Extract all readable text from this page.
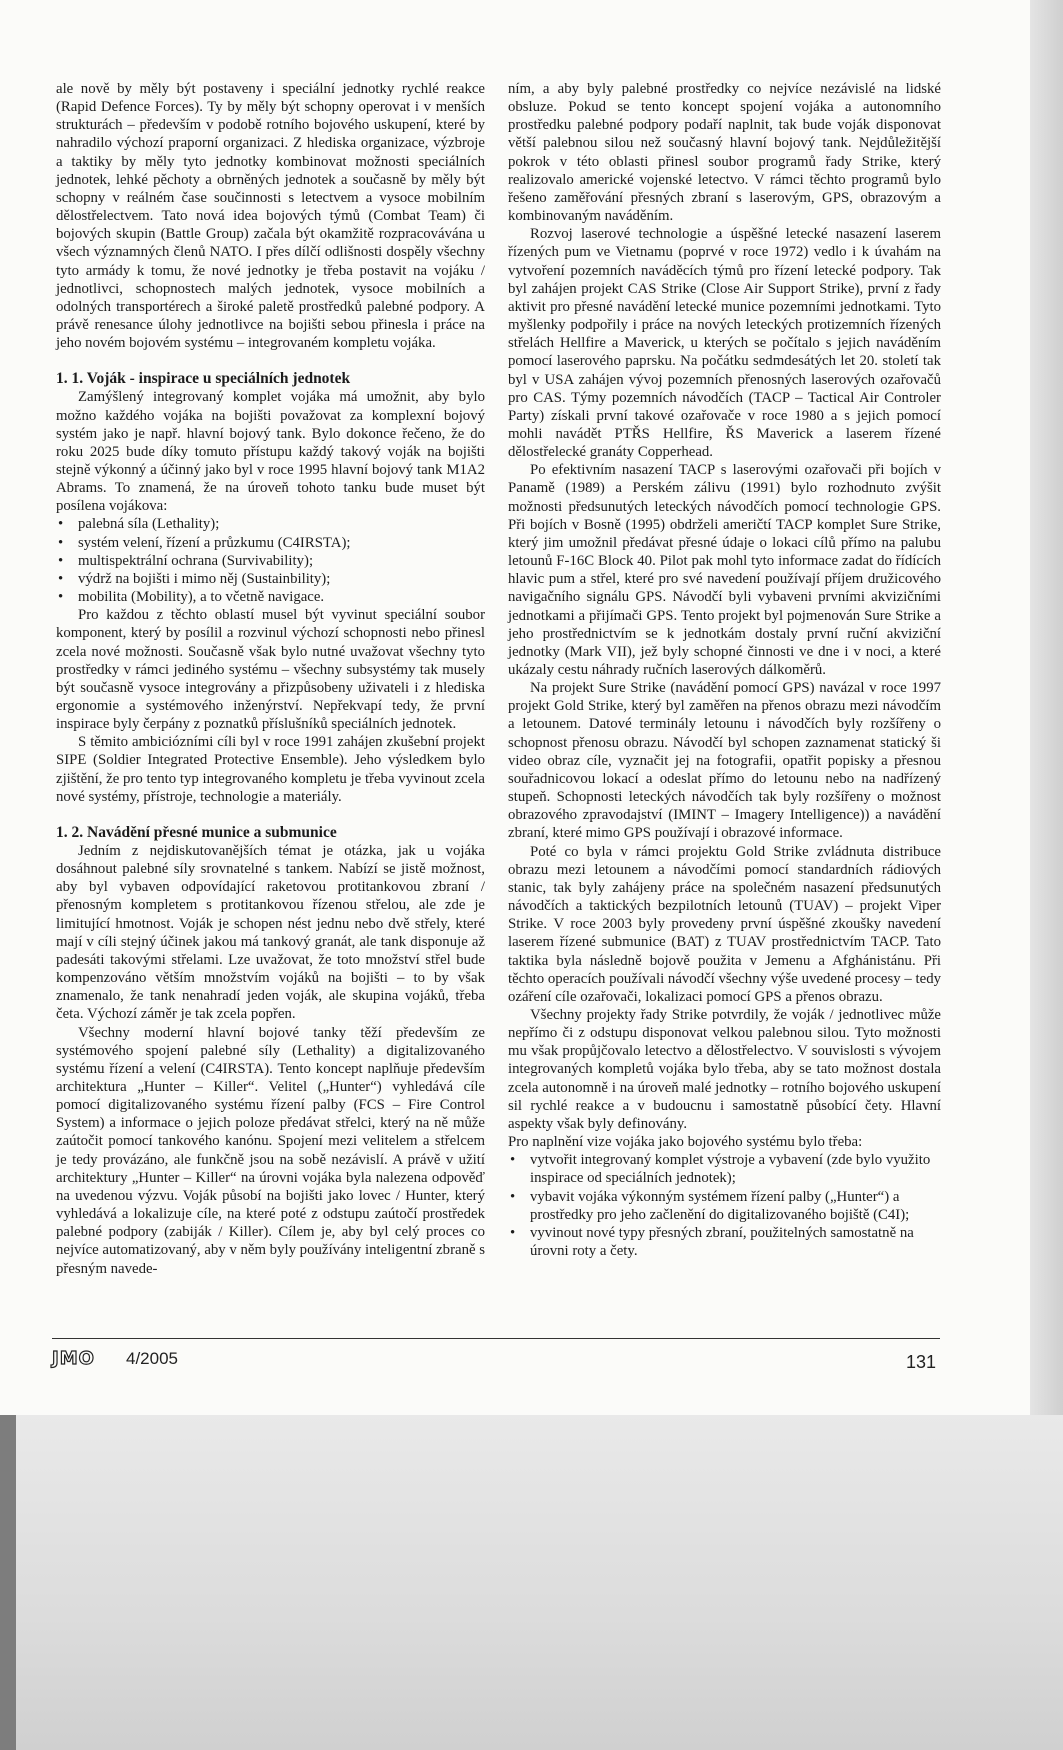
ale nově by měly být postaveny i speciální jednotky rychlé reakce (Rapid Defence Forces). Ty by měly být schopny operovat i v menších strukturách – především v podobě rotního bojového uskupení, které by nahradilo výchozí praporní organizaci. Z hlediska organizace, výzbroje a taktiky by měly tyto jednotky kombinovat možnosti speciálních jednotek, lehké pěchoty a obrněných jednotek a současně by měly být schopny v reálném čase součinnosti s letectvem a vysoce mobilním dělostřelectvem. Tato nová idea bojových týmů (Combat Team) či bojových skupin (Battle Group) začala být okamžitě rozpracovávána u všech významných členů NATO. I přes dílčí odlišnosti dospěly všechny tyto armády k tomu, že nové jednotky je třeba postavit na vojáku / jednotlivci, schopnostech malých jednotek, vysoce mobilních a odolných transportérech a široké paletě prostředků palebné podpory. A právě renesance úlohy jednotlivce na bojišti sebou přinesla i práce na jeho novém bojovém systému – integrovaném kompletu vojáka.

1. 1. Voják - inspirace u speciálních jednotek

Zamýšlený integrovaný komplet vojáka má umožnit, aby bylo možno každého vojáka na bojišti považovat za komplexní bojový systém jako je např. hlavní bojový tank. Bylo dokonce řečeno, že do roku 2025 bude díky tomuto přístupu každý takový voják na bojišti stejně výkonný a účinný jako byl v roce 1995 hlavní bojový tank M1A2 Abrams. To znamená, že na úroveň tohoto tanku bude muset být posílena vojákova:

• palebná síla (Lethality);
• systém velení, řízení a průzkumu (C4IRSTA);
• multispektrální ochrana (Survivability);
• výdrž na bojišti i mimo něj (Sustainbility);
• mobilita (Mobility), a to včetně navigace.

Pro každou z těchto oblastí musel být vyvinut speciální soubor komponent, který by posílil a rozvinul výchozí schopnosti nebo přinesl zcela nové možnosti. Současně však bylo nutné uvažovat všechny tyto prostředky v rámci jediného systému – všechny subsystémy tak musely být současně vysoce integrovány a přizpůsobeny uživateli i z hlediska ergonomie a systémového inženýrství. Nepřekvapí tedy, že první inspirace byly čerpány z poznatků příslušníků speciálních jednotek.

S těmito ambiciózními cíli byl v roce 1991 zahájen zkušební projekt SIPE (Soldier Integrated Protective Ensemble). Jeho výsledkem bylo zjištění, že pro tento typ integrovaného kompletu je třeba vyvinout zcela nové systémy, přístroje, technologie a materiály.

1. 2. Navádění přesné munice a submunice

Jedním z nejdiskutovanějších témat je otázka, jak u vojáka dosáhnout palebné síly srovnatelné s tankem. Nabízí se jistě možnost, aby byl vybaven odpovídající raketovou protitankovou zbraní / přenosným kompletem s protitankovou řízenou střelou, ale zde je limitující hmotnost. Voják je schopen nést jednu nebo dvě střely, které mají v cíli stejný účinek jakou má tankový granát, ale tank disponuje až padesáti takovými střelami. Lze uvažovat, že toto množství střel bude kompenzováno větším množstvím vojáků na bojišti – to by však znamenalo, že tank nenahradí jeden voják, ale skupina vojáků, třeba četa. Výchozí záměr je tak zcela popřen.

Všechny moderní hlavní bojové tanky těží především ze systémového spojení palebné síly (Lethality) a digitalizovaného systému řízení a velení (C4IRSTA). Tento koncept naplňuje především architektura „Hunter – Killer“. Velitel („Hunter“) vyhledává cíle pomocí digitalizovaného systému řízení palby (FCS – Fire Control System) a informace o jejich poloze předávat střelci, který na ně může zaútočit pomocí tankového kanónu. Spojení mezi velitelem a střelcem je tedy provázáno, ale funkčně jsou na sobě nezávislí. A právě v užití architektury „Hunter – Killer“ na úrovni vojáka byla nalezena odpověď na uvedenou výzvu. Voják působí na bojišti jako lovec / Hunter, který vyhledává a lokalizuje cíle, na které poté z odstupu zaútočí prostředek palebné podpory (zabiják / Killer). Cílem je, aby byl celý proces co nejvíce automatizovaný, aby v něm byly používány inteligentní zbraně s přesným navede-

ním, a aby byly palebné prostředky co nejvíce nezávislé na lidské obsluze. Pokud se tento koncept spojení vojáka a autonomního prostředku palebné podpory podaří naplnit, tak bude voják disponovat větší palebnou silou než současný hlavní bojový tank. Nejdůležitější pokrok v této oblasti přinesl soubor programů řady Strike, který realizovalo americké vojenské letectvo. V rámci těchto programů bylo řešeno zaměřování přesných zbraní s laserovým, GPS, obrazovým a kombinovaným naváděním.

Rozvoj laserové technologie a úspěšné letecké nasazení laserem řízených pum ve Vietnamu (poprvé v roce 1972) vedlo i k úvahám na vytvoření pozemních naváděcích týmů pro řízení letecké podpory. Tak byl zahájen projekt CAS Strike (Close Air Support Strike), první z řady aktivit pro přesné navádění letecké munice pozemními jednotkami. Tyto myšlenky podpořily i práce na nových leteckých protizemních řízených střelách Hellfire a Maverick, u kterých se počítalo s jejich naváděním pomocí laserového paprsku. Na počátku sedmdesátých let 20. století tak byl v USA zahájen vývoj pozemních přenosných laserových ozařovačů pro CAS. Týmy pozemních návodčích (TACP – Tactical Air Controler Party) získali první takové ozařovače v roce 1980 a s jejich pomocí mohli navádět PTŘS Hellfire, ŘS Maverick a laserem řízené dělostřelecké granáty Copperhead.

Po efektivním nasazení TACP s laserovými ozařovači při bojích v Panamě (1989) a Perském zálivu (1991) bylo rozhodnuto zvýšit možnosti předsunutých leteckých návodčích pomocí technologie GPS. Při bojích v Bosně (1995) obdrželi američtí TACP komplet Sure Strike, který jim umožnil předávat přesné údaje o lokaci cílů přímo na palubu letounů F-16C Block 40. Pilot pak mohl tyto informace zadat do řídících hlavic pum a střel, které pro své navedení používají příjem družicového navigačního signálu GPS. Návodčí byli vybaveni prvními akvizičními jednotkami a přijímači GPS. Tento projekt byl pojmenován Sure Strike a jeho prostřednictvím se k jednotkám dostaly první ruční akviziční jednotky (Mark VII), jež byly schopné činnosti ve dne i v noci, a které ukázaly cestu náhrady ručních laserových dálkoměrů.

Na projekt Sure Strike (navádění pomocí GPS) navázal v roce 1997 projekt Gold Strike, který byl zaměřen na přenos obrazu mezi návodčím a letounem. Datové terminály letounu i návodčích byly rozšířeny o schopnost přenosu obrazu. Návodčí byl schopen zaznamenat statický ši video obraz cíle, vyznačit jej na fotografii, opatřit popisky a přesnou souřadnicovou lokací a odeslat přímo do letounu nebo na nadřízený stupeň. Schopnosti leteckých návodčích tak byly rozšířeny o možnost obrazového zpravodajství (IMINT – Imagery Intelligence)) a navádění zbraní, které mimo GPS používají i obrazové informace.

Poté co byla v rámci projektu Gold Strike zvládnuta distribuce obrazu mezi letounem a návodčími pomocí standardních rádiových stanic, tak byly zahájeny práce na společném nasazení předsunutých návodčích a taktických bezpilotních letounů (TUAV) – projekt Viper Strike. V roce 2003 byly provedeny první úspěšné zkoušky navedení laserem řízené submunice (BAT) z TUAV prostřednictvím TACP. Tato taktika byla následně bojově použita v Jemenu a Afghánistánu. Při těchto operacích používali návodčí všechny výše uvedené procesy – tedy ozáření cíle ozařovači, lokalizaci pomocí GPS a přenos obrazu.

Všechny projekty řady Strike potvrdily, že voják / jednotlivec může nepřímo či z odstupu disponovat velkou palebnou silou. Tyto možnosti mu však propůjčovalo letectvo a dělostřelectvo. V souvislosti s vývojem integrovaných kompletů vojáka bylo třeba, aby se tato možnost dostala zcela autonomně i na úroveň malé jednotky – rotního bojového uskupení sil rychlé reakce a v budoucnu i samostatně působící čety. Hlavní aspekty však byly definovány.

Pro naplnění vize vojáka jako bojového systému bylo třeba:

• vytvořit integrovaný komplet výstroje a vybavení (zde bylo využito inspirace od speciálních jednotek);
• vybavit vojáka výkonným systémem řízení palby („Hunter“) a prostředky pro jeho začlenění do digitalizovaného bojiště (C4I);
• vyvinout nové typy přesných zbraní, použitelných samostatně na úrovni roty a čety.
JMO 4/2005	131
